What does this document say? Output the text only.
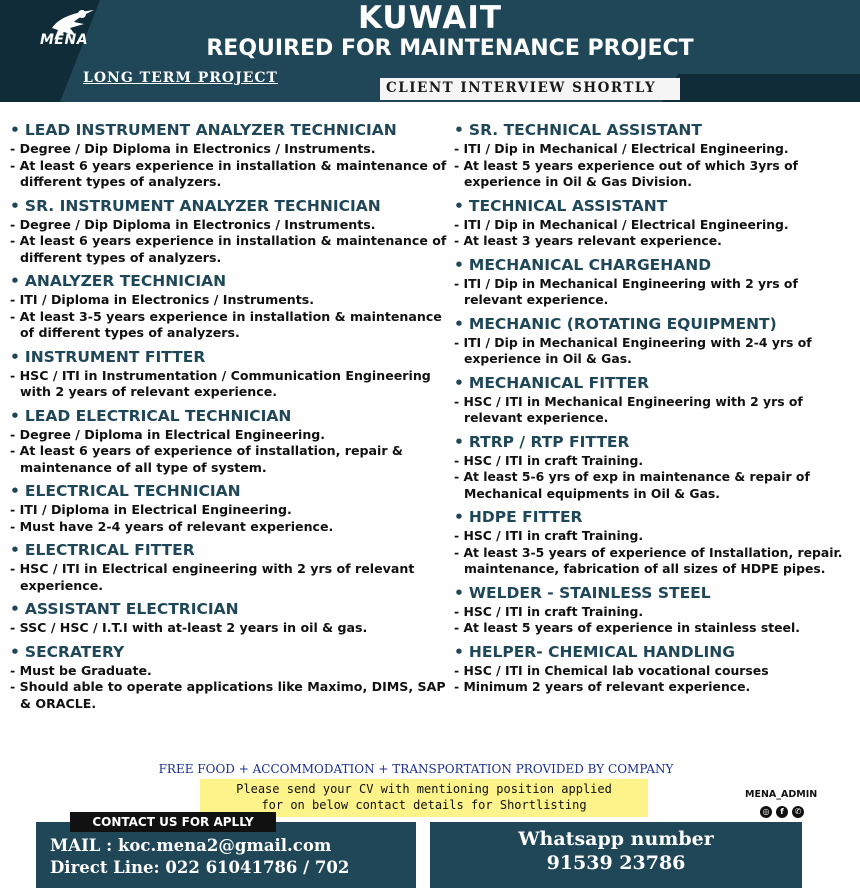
MENA
KUWAIT
REQUIRED FOR MAINTENANCE PROJECT
LONG TERM PROJECT
CLIENT INTERVIEW SHORTLY
• LEAD INSTRUMENT ANALYZER TECHNICIAN
- Degree / Dip Diploma in Electronics / Instruments.
- At least 6 years experience in installation & maintenance of different types of analyzers.
• SR. INSTRUMENT ANALYZER TECHNICIAN
- Degree / Dip Diploma in Electronics / Instruments.
- At least 6 years experience in installation & maintenance of different types of analyzers.
• ANALYZER TECHNICIAN
- ITI / Diploma in Electronics / Instruments.
- At least 3-5 years experience in installation & maintenance of different types of analyzers.
• INSTRUMENT FITTER
- HSC / ITI in Instrumentation / Communication Engineering with 2 years of relevant experience.
• LEAD ELECTRICAL TECHNICIAN
- Degree / Diploma in Electrical Engineering.
- At least 6 years of experience of installation, repair & maintenance of all type of system.
• ELECTRICAL TECHNICIAN
- ITI / Diploma in Electrical Engineering.
- Must have 2-4 years of relevant experience.
• ELECTRICAL FITTER
- HSC / ITI in Electrical engineering with 2 yrs of relevant experience.
• ASSISTANT ELECTRICIAN
- SSC / HSC / I.T.I with at-least 2 years in oil & gas.
• SECRATERY
- Must be Graduate.
- Should able to operate applications like Maximo, DIMS, SAP & ORACLE.
• SR. TECHNICAL ASSISTANT
- ITI / Dip in Mechanical / Electrical Engineering.
- At least 5 years experience out of which 3yrs of experience in Oil & Gas Division.
• TECHNICAL ASSISTANT
- ITI / Dip in Mechanical / Electrical Engineering.
- At least 3 years relevant experience.
• MECHANICAL CHARGEHAND
- ITI / Dip in Mechanical Engineering with 2 yrs of relevant experience.
• MECHANIC (ROTATING EQUIPMENT)
- ITI / Dip in Mechanical Engineering with 2-4 yrs of experience in Oil & Gas.
• MECHANICAL FITTER
- HSC / ITI in Mechanical Engineering with 2 yrs of relevant experience.
• RTRP / RTP FITTER
- HSC / ITI in craft Training.
- At least 5-6 yrs of exp in maintenance & repair of Mechanical equipments in Oil & Gas.
• HDPE FITTER
- HSC / ITI in craft Training.
- At least 3-5 years of experience of Installation, repair. maintenance, fabrication of all sizes of HDPE pipes.
• WELDER - STAINLESS STEEL
- HSC / ITI in craft Training.
- At least 5 years of experience in stainless steel.
• HELPER- CHEMICAL HANDLING
- HSC / ITI in Chemical lab vocational courses
- Minimum 2 years of relevant experience.
FREE FOOD + ACCOMMODATION + TRANSPORTATION PROVIDED BY COMPANY
Please send your CV with mentioning position applied
for on below contact details for Shortlisting
MENA_ADMIN
◎	f	✆
CONTACT US FOR APLLY
MAIL : koc.mena2@gmail.com
Direct Line: 022 61041786 / 702
Whatsapp number
91539 23786
